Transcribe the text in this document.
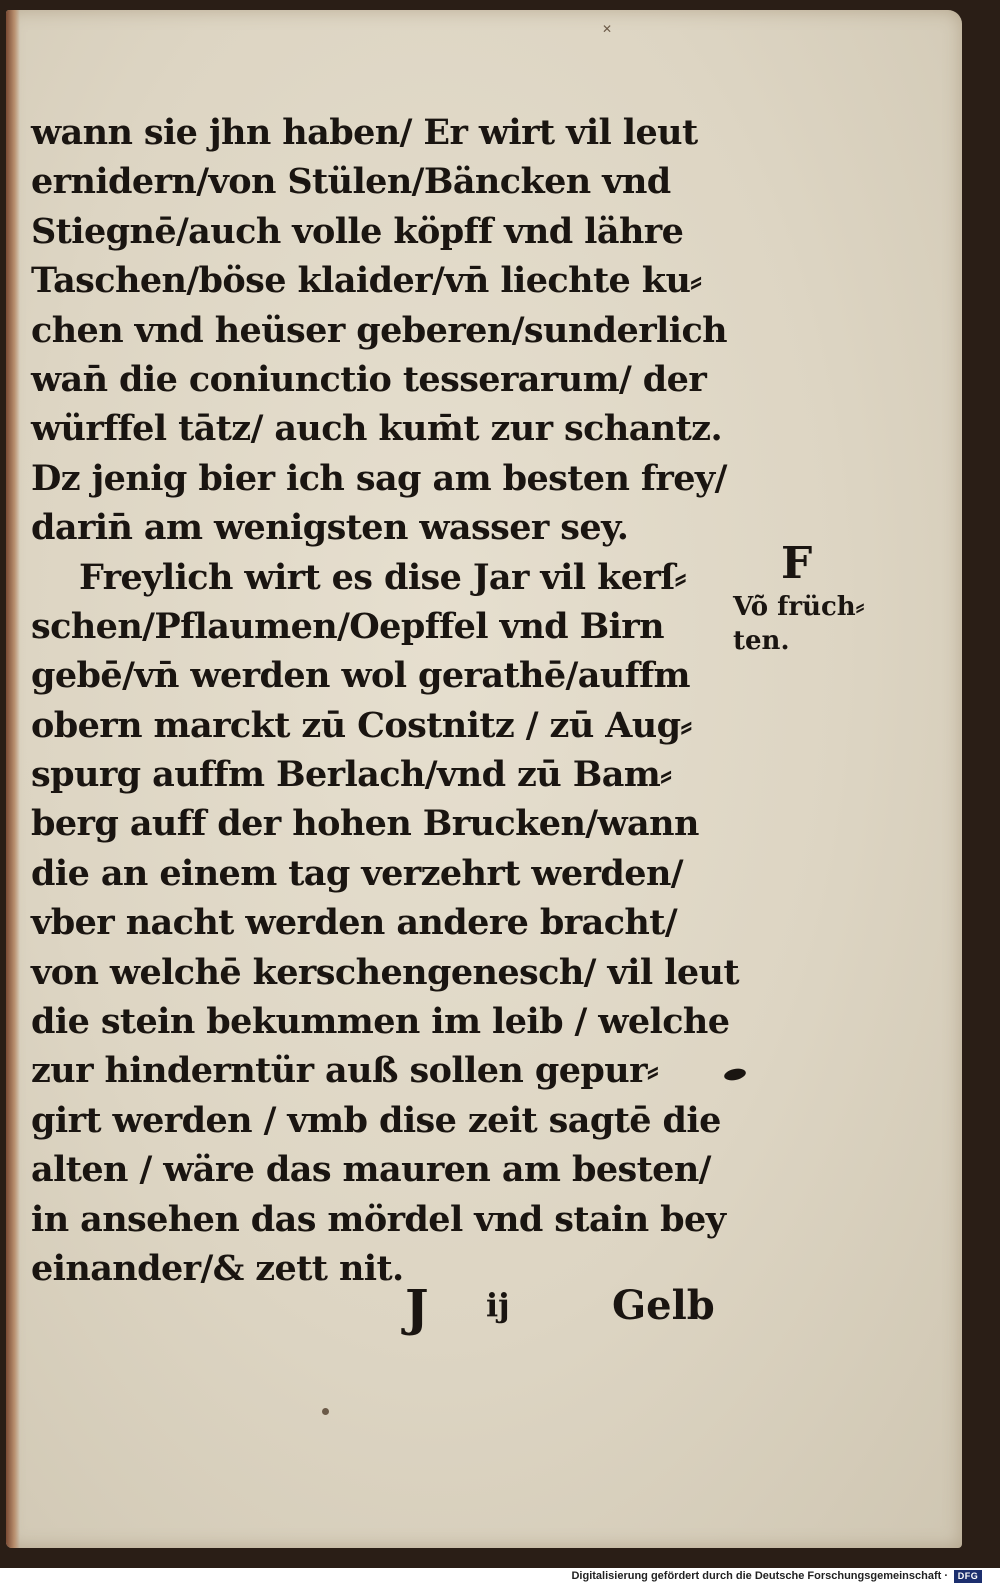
✕
wann sie jhn haben/ Er wirt vil leut
ernidern/von Stülen/Bäncken vnd
Stiegnē/auch volle köpff vnd lähre
Taschen/böse klaider/vn̄ liechte ku⸗
chen vnd heüser geberen/sunderlich
wan̄ die coniunctio tesserarum/ der
würffel tātz/ auch kum̄t zur schantz.
Dz jenig bier ich sag am besten frey/
darin̄ am wenigsten wasser sey.
Freylich wirt es dise Jar vil kerſ⸗
schen/Pflaumen/Oepffel vnd Birn
gebē/vn̄ werden wol gerathē/auffm
obern marckt zū Costnitz / zū Aug⸗
spurg auffm Berlach/vnd zū Bam⸗
berg auff der hohen Brucken/wann
die an einem tag verzehrt werden/
vber nacht werden andere bracht/
von welchē kerschengenesch/ vil leut
die stein bekummen im leib / welche
zur hinderntür auß sollen gepur⸗
girt werden / vmb dise zeit sagtē die
alten / wäre das mauren am besten/
in ansehen das mördel vnd stain bey
einander/& zett nit.
F
Võ früch⸗
ten.
J ij	Gelb
Digitalisierung gefördert durch die Deutsche Forschungsgemeinschaft ·	DFG
